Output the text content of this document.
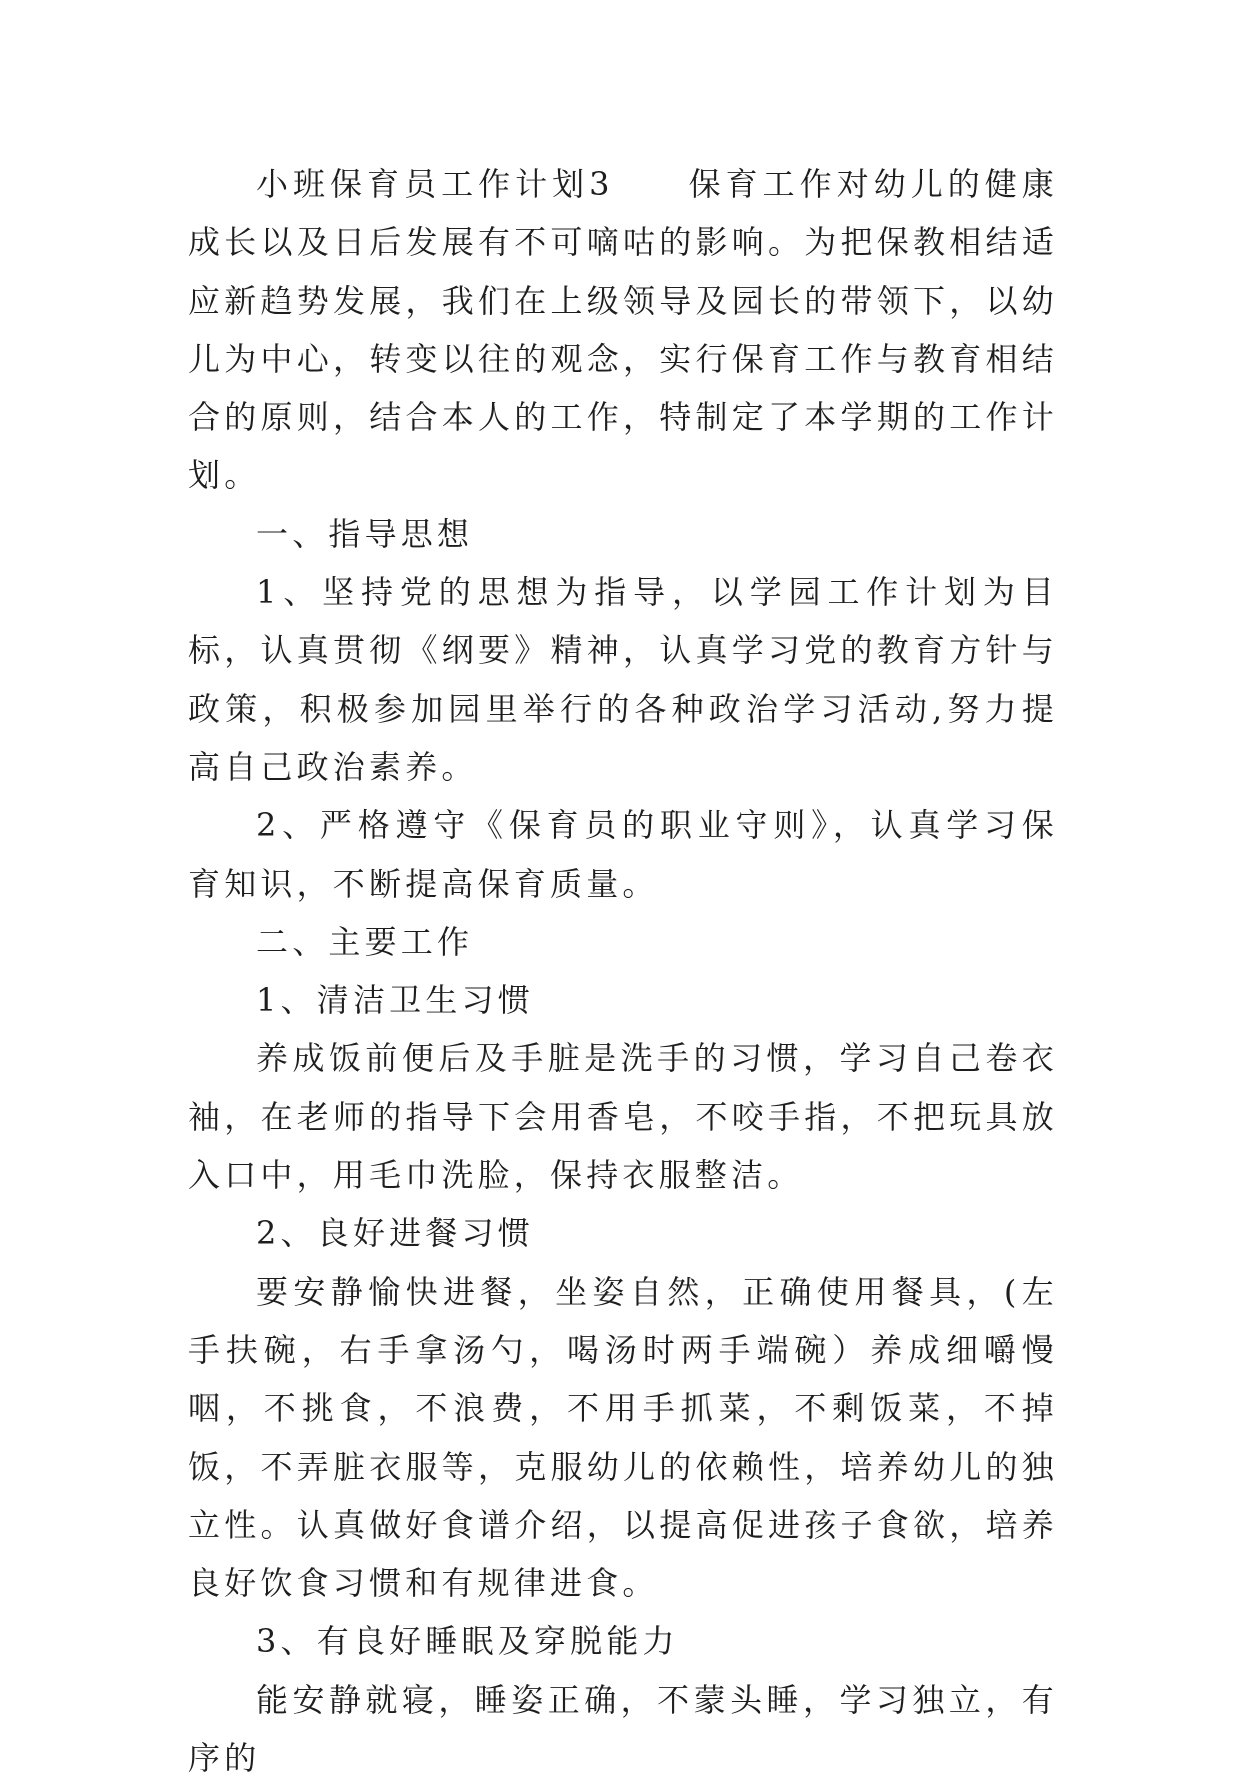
小班保育员工作计划3　　保育工作对幼儿的健康成长以及日后发展有不可嘀咕的影响。为把保教相结适应新趋势发展，我们在上级领导及园长的带领下，以幼儿为中心，转变以往的观念，实行保育工作与教育相结合的原则，结合本人的工作，特制定了本学期的工作计划。

一、指导思想

1、坚持党的思想为指导，以学园工作计划为目标，认真贯彻《纲要》精神，认真学习党的教育方针与政策，积极参加园里举行的各种政治学习活动,努力提高自己政治素养。

2、严格遵守《保育员的职业守则》，认真学习保育知识，不断提高保育质量。

二、主要工作

1、清洁卫生习惯

养成饭前便后及手脏是洗手的习惯，学习自己卷衣袖，在老师的指导下会用香皂，不咬手指，不把玩具放入口中，用毛巾洗脸，保持衣服整洁。

2、良好进餐习惯

要安静愉快进餐，坐姿自然，正确使用餐具，(左手扶碗，右手拿汤勺，喝汤时两手端碗）养成细嚼慢咽，不挑食，不浪费，不用手抓菜，不剩饭菜，不掉饭，不弄脏衣服等，克服幼儿的依赖性，培养幼儿的独立性。认真做好食谱介绍，以提高促进孩子食欲，培养良好饮食习惯和有规律进食。

3、有良好睡眠及穿脱能力

能安静就寝，睡姿正确，不蒙头睡，学习独立，有序的
